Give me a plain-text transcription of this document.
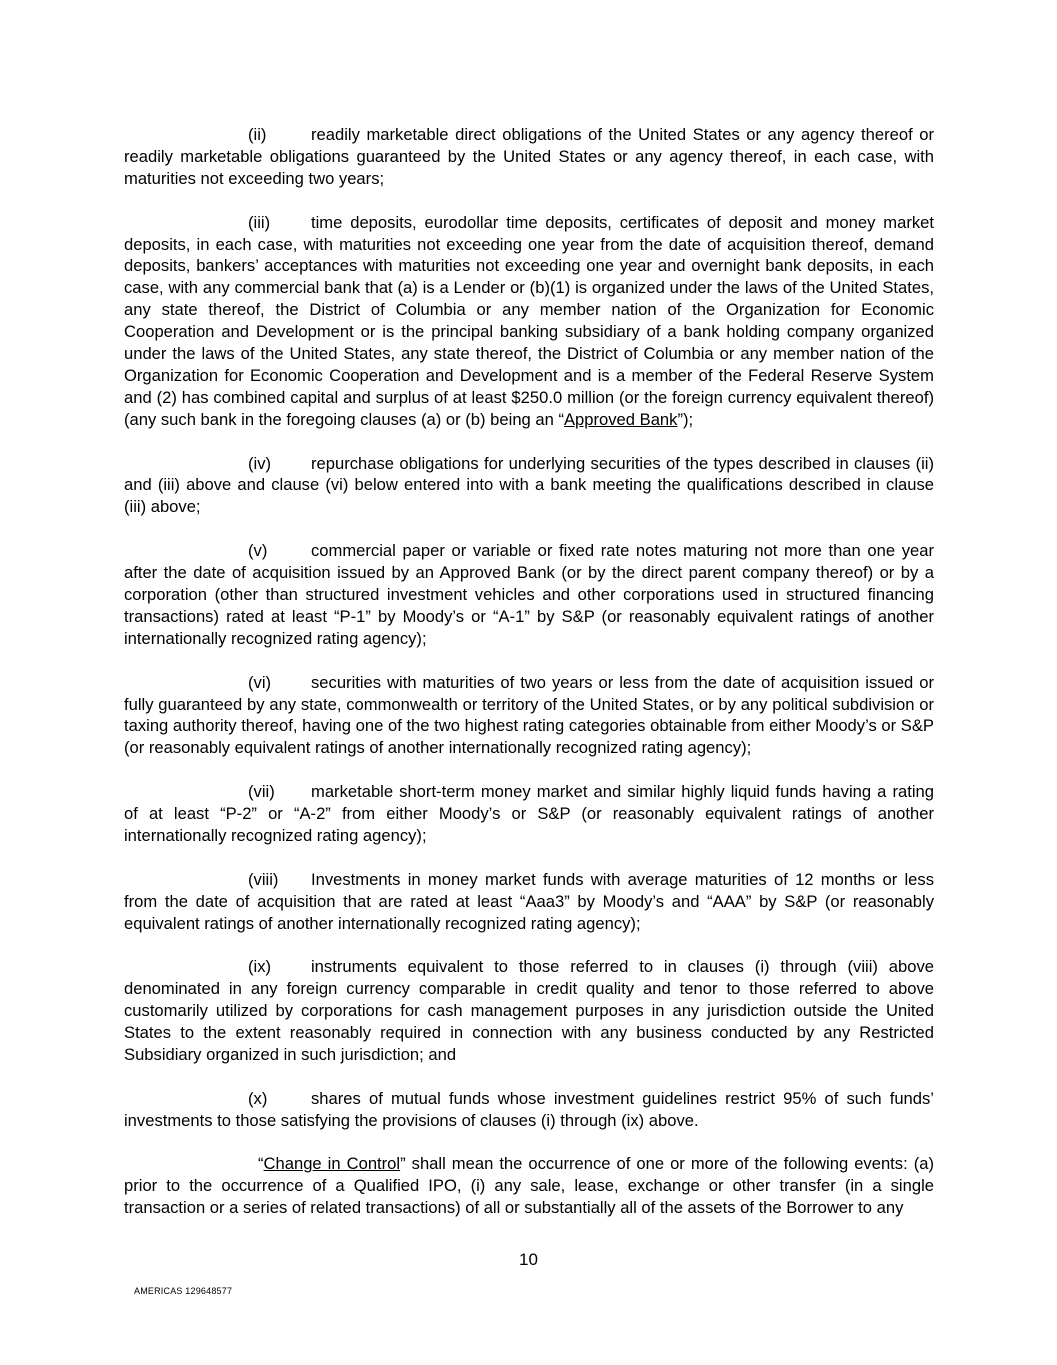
(ii)	readily marketable direct obligations of the United States or any agency thereof or readily marketable obligations guaranteed by the United States or any agency thereof, in each case, with maturities not exceeding two years;

(iii) time deposits, eurodollar time deposits, certificates of deposit and money market deposits, in each case, with maturities not exceeding one year from the date of acquisition thereof, demand deposits, bankers’ acceptances with maturities not exceeding one year and overnight bank deposits, in each case, with any commercial bank that (a) is a Lender or (b)(1) is organized under the laws of the United States, any state thereof, the District of Columbia or any member nation of the Organization for Economic Cooperation and Development or is the principal banking subsidiary of a bank holding company organized under the laws of the United States, any state thereof, the District of Columbia or any member nation of the Organization for Economic Cooperation and Development and is a member of the Federal Reserve System and (2) has combined capital and surplus of at least $250.0 million (or the foreign currency equivalent thereof) (any such bank in the foregoing clauses (a) or (b) being an “Approved Bank”);

(iv) repurchase obligations for underlying securities of the types described in clauses (ii) and (iii) above and clause (vi) below entered into with a bank meeting the qualifications described in clause (iii) above;

(v)	commercial paper or variable or fixed rate notes maturing not more than one year after the date of acquisition issued by an Approved Bank (or by the direct parent company thereof) or by a corporation (other than structured investment vehicles and other corporations used in structured financing transactions) rated at least “P-1” by Moody’s or “A-1” by S&P (or reasonably equivalent ratings of another internationally recognized rating agency);

(vi) securities with maturities of two years or less from the date of acquisition issued or fully guaranteed by any state, commonwealth or territory of the United States, or by any political subdivision or taxing authority thereof, having one of the two highest rating categories obtainable from either Moody’s or S&P (or reasonably equivalent ratings of another internationally recognized rating agency);

(vii) marketable short-term money market and similar highly liquid funds having a rating of at least “P-2” or “A-2” from either Moody’s or S&P (or reasonably equivalent ratings of another internationally recognized rating agency);

(viii) Investments in money market funds with average maturities of 12 months or less from the date of acquisition that are rated at least “Aaa3” by Moody’s and “AAA” by S&P (or reasonably equivalent ratings of another internationally recognized rating agency);

(ix) instruments equivalent to those referred to in clauses (i) through (viii) above denominated in any foreign currency comparable in credit quality and tenor to those referred to above customarily utilized by corporations for cash management purposes in any jurisdiction outside the United States to the extent reasonably required in connection with any business conducted by any Restricted Subsidiary organized in such jurisdiction; and

(x)	shares of mutual funds whose investment guidelines restrict 95% of such funds’ investments to those satisfying the provisions of clauses (i) through (ix) above.

“Change in Control” shall mean the occurrence of one or more of the following events: (a) prior to the occurrence of a Qualified IPO, (i) any sale, lease, exchange or other transfer (in a single transaction or a series of related transactions) of all or substantially all of the assets of the Borrower to any

10
AMERICAS 129648577
